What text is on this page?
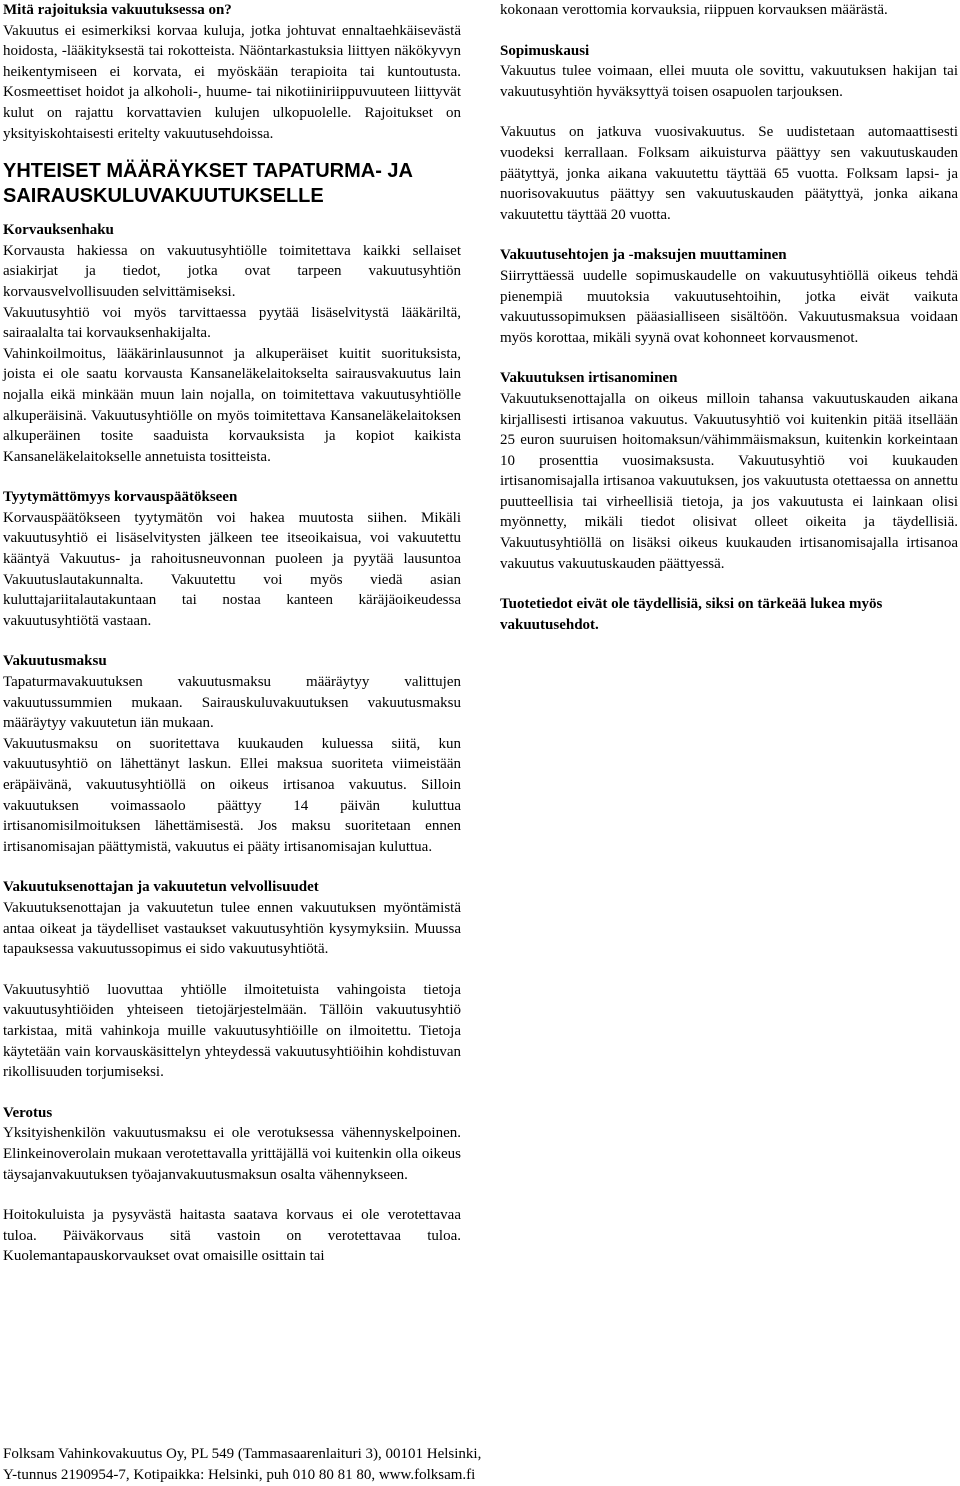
Mitä rajoituksia vakuutuksessa on?

Vakuutus ei esimerkiksi korvaa kuluja, jotka johtuvat ennaltaehkäisevästä hoidosta, -lääkityksestä tai rokotteista. Näöntarkastuksia liittyen näkökyvyn heikentymiseen ei korvata, ei myöskään terapioita tai kuntoutusta. Kosmeettiset hoidot ja alkoholi-, huume- tai nikotiiniriippuvuuteen liittyvät kulut on rajattu korvattavien kulujen ulkopuolelle. Rajoitukset on yksityiskohtaisesti eritelty vakuutusehdoissa.

YHTEISET MÄÄRÄYKSET TAPATURMA- JA SAIRAUSKULUVAKUUTUKSELLE

Korvauksenhaku

Korvausta hakiessa on vakuutusyhtiölle toimitettava kaikki sellaiset asiakirjat ja tiedot, jotka ovat tarpeen vakuutusyhtiön korvausvelvollisuuden selvittämiseksi.

Vakuutusyhtiö voi myös tarvittaessa pyytää lisäselvitystä lääkäriltä, sairaalalta tai korvauksenhakijalta.

Vahinkoilmoitus, lääkärinlausunnot ja alkuperäiset kuitit suorituksista, joista ei ole saatu korvausta Kansaneläkelaitokselta sairausvakuutus lain nojalla eikä minkään muun lain nojalla, on toimitettava vakuutusyhtiölle alkuperäisinä. Vakuutusyhtiölle on myös toimitettava Kansaneläkelaitoksen alkuperäinen tosite saaduista korvauksista ja kopiot kaikista Kansaneläkelaitokselle annetuista tositteista.

Tyytymättömyys korvauspäätökseen

Korvauspäätökseen tyytymätön voi hakea muutosta siihen. Mikäli vakuutusyhtiö ei lisäselvitysten jälkeen tee itseoikaisua, voi vakuutettu kääntyä Vakuutus- ja rahoitusneuvonnan puoleen ja pyytää lausuntoa Vakuutuslautakunnalta. Vakuutettu voi myös viedä asian kuluttajariitalautakuntaan tai nostaa kanteen käräjäoikeudessa vakuutusyhtiötä vastaan.

Vakuutusmaksu

Tapaturmavakuutuksen vakuutusmaksu määräytyy valittujen vakuutussummien mukaan. Sairauskuluvakuutuksen vakuutusmaksu määräytyy vakuutetun iän mukaan.

Vakuutusmaksu on suoritettava kuukauden kuluessa siitä, kun vakuutusyhtiö on lähettänyt laskun. Ellei maksua suoriteta viimeistään eräpäivänä, vakuutusyhtiöllä on oikeus irtisanoa vakuutus. Silloin vakuutuksen voimassaolo päättyy 14 päivän kuluttua irtisanomisilmoituksen lähettämisestä. Jos maksu suoritetaan ennen irtisanomisajan päättymistä, vakuutus ei pääty irtisanomisajan kuluttua.

Vakuutuksenottajan ja vakuutetun velvollisuudet

Vakuutuksenottajan ja vakuutetun tulee ennen vakuutuksen myöntämistä antaa oikeat ja täydelliset vastaukset vakuutusyhtiön kysymyksiin. Muussa tapauksessa vakuutussopimus ei sido vakuutusyhtiötä.

Vakuutusyhtiö luovuttaa yhtiölle ilmoitetuista vahingoista tietoja vakuutusyhtiöiden yhteiseen tietojärjestelmään. Tällöin vakuutusyhtiö tarkistaa, mitä vahinkoja muille vakuutusyhtiöille on ilmoitettu. Tietoja käytetään vain korvauskäsittelyn yhteydessä vakuutusyhtiöihin kohdistuvan rikollisuuden torjumiseksi.

Verotus

Yksityishenkilön vakuutusmaksu ei ole verotuksessa vähennyskelpoinen. Elinkeinoverolain mukaan verotettavalla yrittäjällä voi kuitenkin olla oikeus täysajanvakuutuksen työajanvakuutusmaksun osalta vähennykseen.

Hoitokuluista ja pysyvästä haitasta saatava korvaus ei ole verotettavaa tuloa. Päiväkorvaus sitä vastoin on verotettavaa tuloa. Kuolemantapauskorvaukset ovat omaisille osittain tai

kokonaan verottomia korvauksia, riippuen korvauksen määrästä.

Sopimuskausi

Vakuutus tulee voimaan, ellei muuta ole sovittu, vakuutuksen hakijan tai vakuutusyhtiön hyväksyttyä toisen osapuolen tarjouksen.

Vakuutus on jatkuva vuosivakuutus. Se uudistetaan automaattisesti vuodeksi kerrallaan. Folksam aikuisturva päättyy sen vakuutuskauden päätyttyä, jonka aikana vakuutettu täyttää 65 vuotta. Folksam lapsi- ja nuorisovakuutus päättyy sen vakuutuskauden päätyttyä, jonka aikana vakuutettu täyttää 20 vuotta.

Vakuutusehtojen ja -maksujen muuttaminen

Siirryttäessä uudelle sopimuskaudelle on vakuutusyhtiöllä oikeus tehdä pienempiä muutoksia vakuutusehtoihin, jotka eivät vaikuta vakuutussopimuksen pääasialliseen sisältöön. Vakuutusmaksua voidaan myös korottaa, mikäli syynä ovat kohonneet korvausmenot.

Vakuutuksen irtisanominen

Vakuutuksenottajalla on oikeus milloin tahansa vakuutuskauden aikana kirjallisesti irtisanoa vakuutus. Vakuutusyhtiö voi kuitenkin pitää itsellään 25 euron suuruisen hoitomaksun/vähimmäismaksun, kuitenkin korkeintaan 10 prosenttia vuosimaksusta. Vakuutusyhtiö voi kuukauden irtisanomisajalla irtisanoa vakuutuksen, jos vakuutusta otettaessa on annettu puutteellisia tai virheellisiä tietoja, ja jos vakuutusta ei lainkaan olisi myönnetty, mikäli tiedot olisivat olleet oikeita ja täydellisiä. Vakuutusyhtiöllä on lisäksi oikeus kuukauden irtisanomisajalla irtisanoa vakuutus vakuutuskauden päättyessä.

Tuotetiedot eivät ole täydellisiä, siksi on tärkeää lukea myös vakuutusehdot.

Folksam Vahinkovakuutus Oy, PL 549 (Tammasaarenlaituri 3), 00101 Helsinki,

Y-tunnus 2190954-7, Kotipaikka: Helsinki, puh 010 80 81 80, www.folksam.fi
